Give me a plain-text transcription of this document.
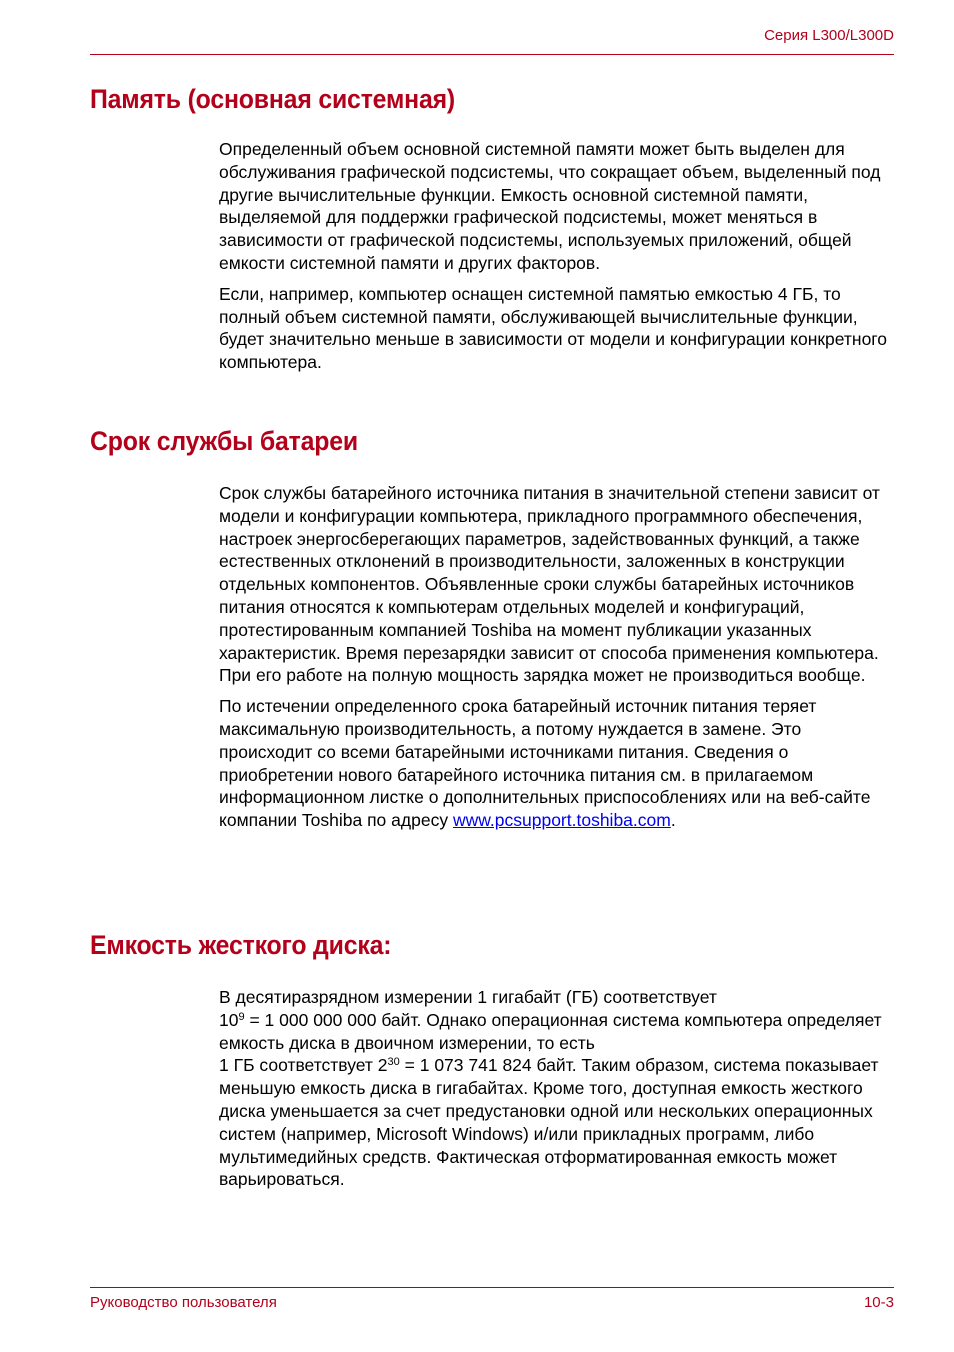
Серия L300/L300D
Память (основная системная)

Определенный объем основной системной памяти может быть выделен для обслуживания графической подсистемы, что сокращает объем, выделенный под другие вычислительные функции. Емкость основной системной памяти, выделяемой для поддержки графической подсистемы, может меняться в зависимости от графической подсистемы, используемых приложений, общей емкости системной памяти и других факторов.

Если, например, компьютер оснащен системной памятью емкостью 4 ГБ, то полный объем системной памяти, обслуживающей вычислительные функции, будет значительно меньше в зависимости от модели и конфигурации конкретного компьютера.

Срок службы батареи

Срок службы батарейного источника питания в значительной степени зависит от модели и конфигурации компьютера, прикладного программного обеспечения, настроек энергосберегающих параметров, задействованных функций, а также естественных отклонений в производительности, заложенных в конструкции отдельных компонентов. Объявленные сроки службы батарейных источников питания относятся к компьютерам отдельных моделей и конфигураций, протестированным компанией Toshiba на момент публикации указанных характеристик. Время перезарядки зависит от способа применения компьютера. При его работе на полную мощность зарядка может не производиться вообще.

По истечении определенного срока батарейный источник питания теряет максимальную производительность, а потому нуждается в замене. Это происходит со всеми батарейными источниками питания. Сведения о приобретении нового батарейного источника питания см. в прилагаемом информационном листке о дополнительных приспособлениях или на веб-сайте компании Toshiba по адресу www.pcsupport.toshiba.com.

Емкость жесткого диска:

В десятиразрядном измерении 1 гигабайт (ГБ) соответствует
$10^9 = 1$ 000 000 000 байт. Однако операционная система компьютера определяет емкость диска в двоичном измерении, то есть
1 ГБ соответствует $2^{30} = 1$ 073 741 824 байт. Таким образом, система показывает меньшую емкость диска в гигабайтах. Кроме того, доступная емкость жесткого диска уменьшается за счет предустановки одной или нескольких операционных систем (например, Microsoft Windows) и/или прикладных программ, либо мультимедийных средств. Фактическая отформатированная емкость может варьироваться.

Руководство пользователя	10-3
